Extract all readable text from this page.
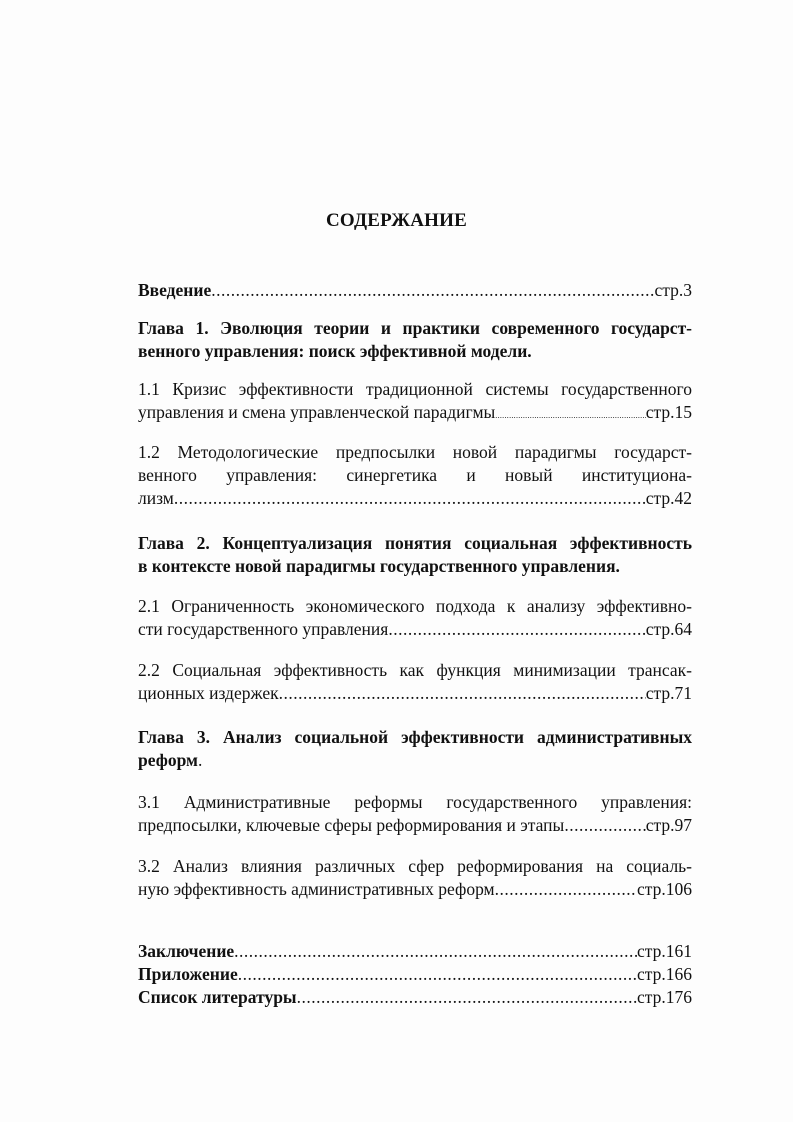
СОДЕРЖАНИЕ
Введение .....	стр.3
Глава 1. Эволюция теории и практики современного государст-
венного управления: поиск эффективной модели.
1.1 Кризис эффективности традиционной системы государственного
управления и смена управленческой парадигмы .....	стр.15
1.2 Методологические предпосылки новой парадигмы государст-
венного управления: синергетика и новый институциона-
лизм .....	стр.42
Глава 2. Концептуализация понятия социальная эффективность
в контексте новой парадигмы государственного управления.
2.1 Ограниченность экономического подхода к анализу эффективно-
сти государственного управления .....	стр.64
2.2 Социальная эффективность как функция минимизации трансак-
ционных издержек .....	стр.71
Глава 3. Анализ социальной эффективности административных
реформ.
3.1 Административные реформы государственного управления:
предпосылки, ключевые сферы реформирования и этапы .....	стр.97
3.2 Анализ влияния различных сфер реформирования на социаль-
ную эффективность административных реформ .....	стр.106
Заключение .....	стр.161
Приложение .....	стр.166
Список литературы .....	стр.176
